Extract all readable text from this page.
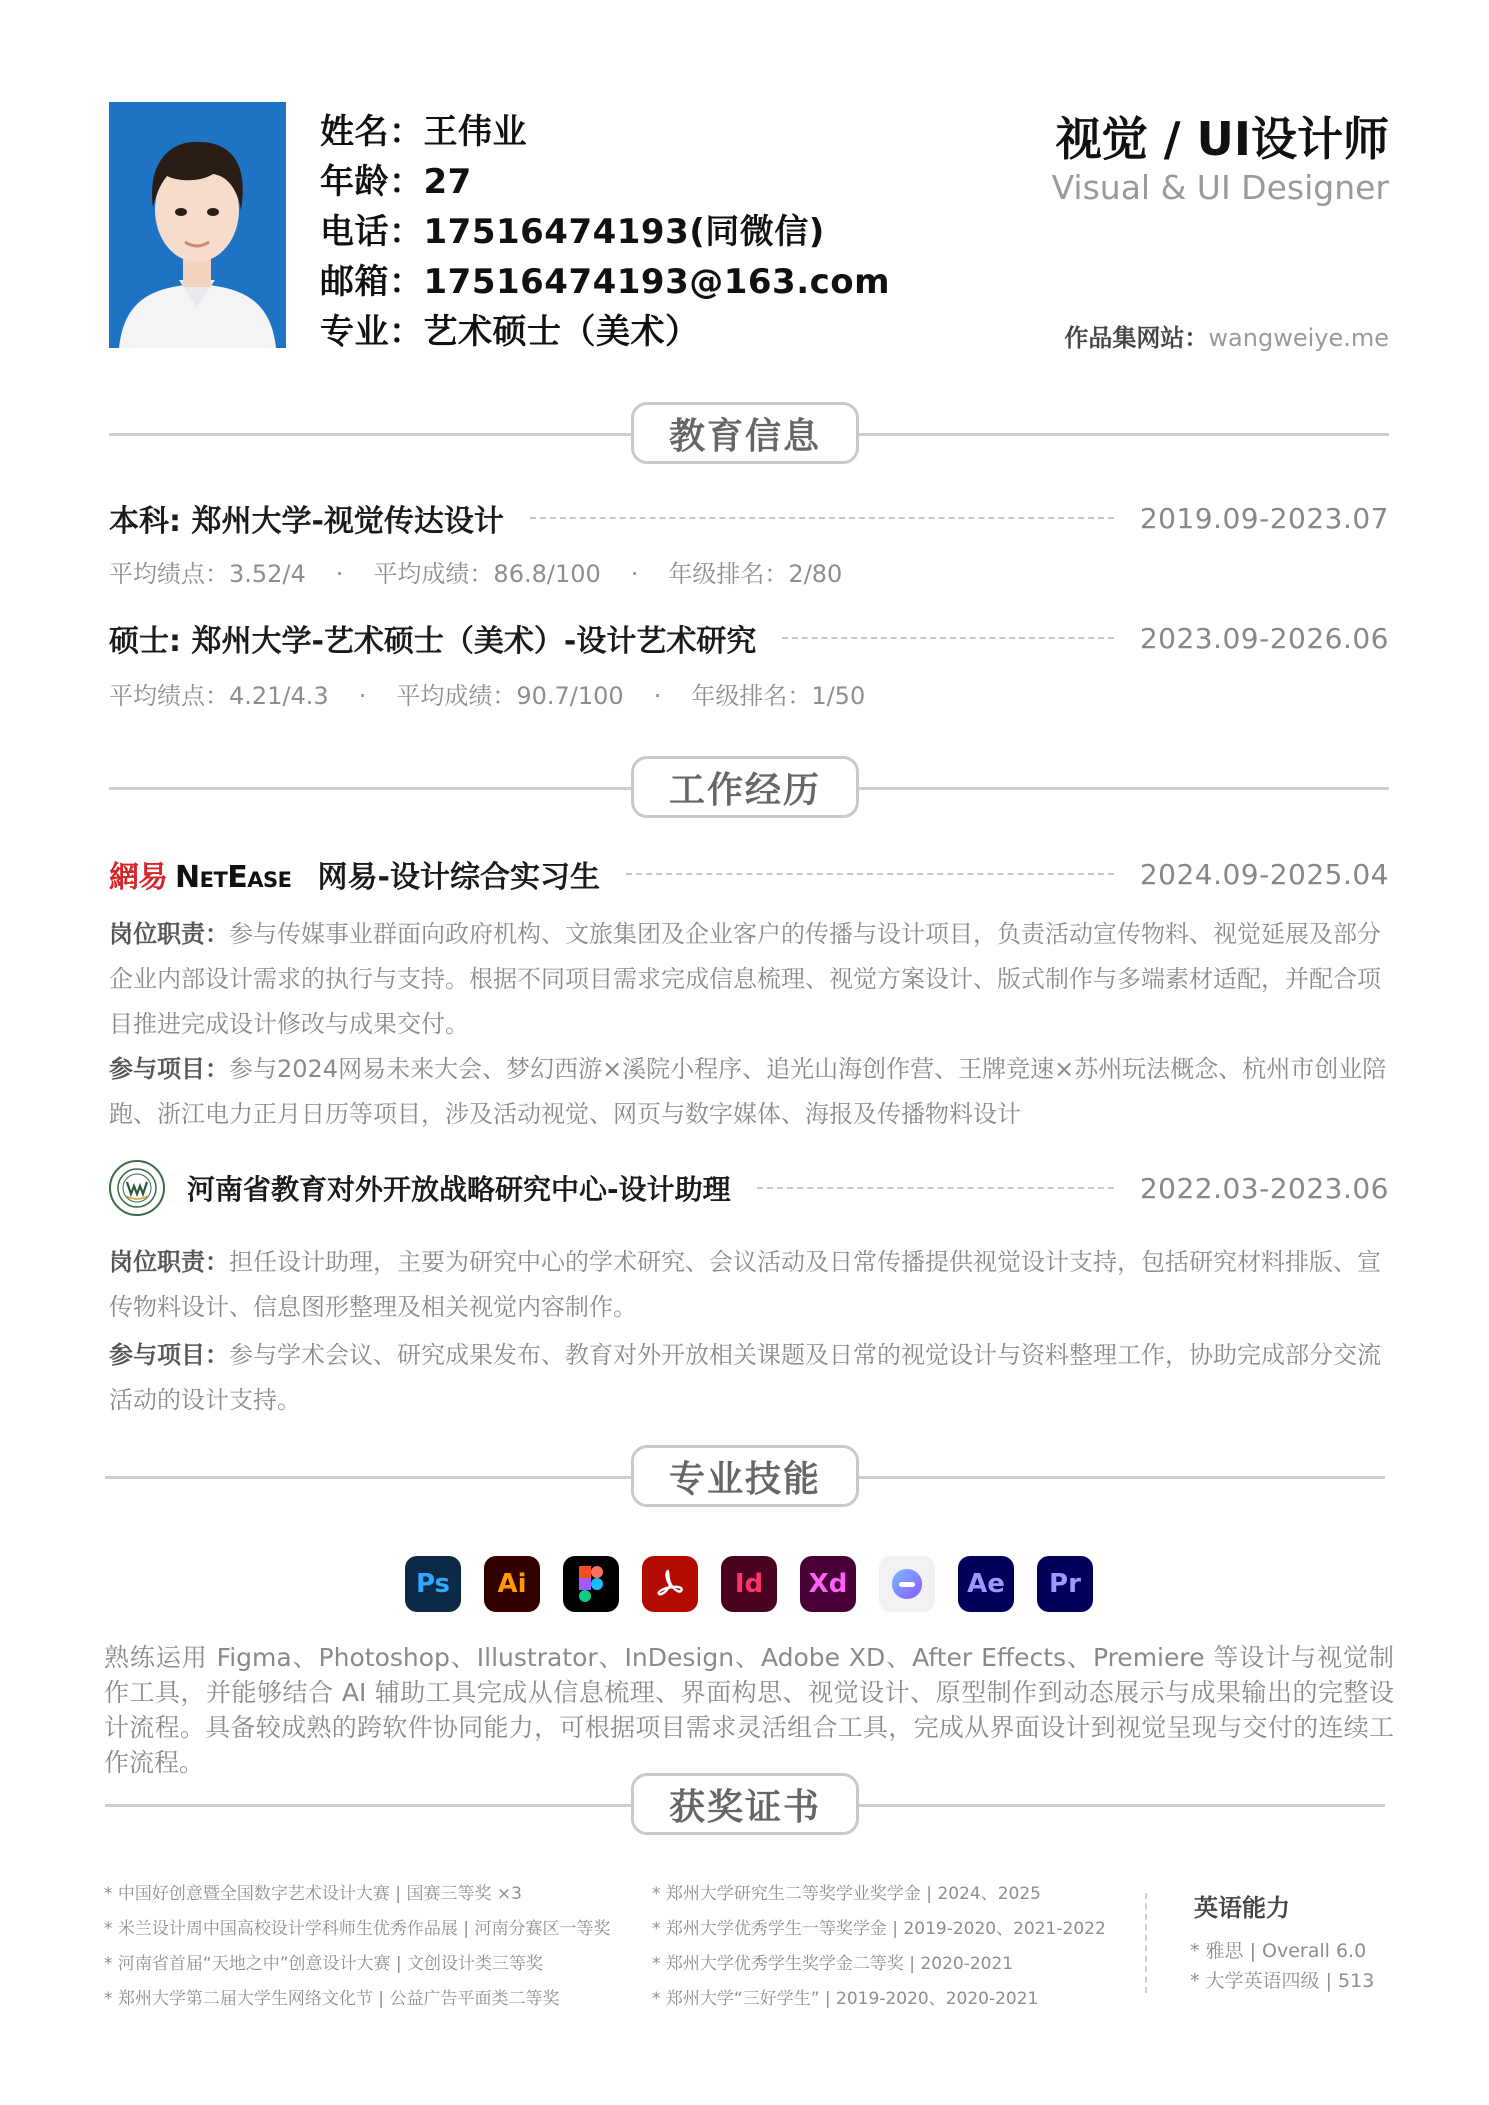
姓名：王伟业
年龄：27
电话：17516474193(同微信)
邮箱：17516474193@163.com
专业：艺术硕士（美术）
视觉 / UI设计师
Visual & UI Designer
作品集网站：wangweiye.me
教育信息
本科: 郑州大学-视觉传达设计	2019.09-2023.07
平均绩点：3.52/4 · 平均成绩：86.8/100 · 年级排名：2/80
硕士: 郑州大学-艺术硕士（美术）-设计艺术研究	2023.09-2026.06
平均绩点：4.21/4.3 · 平均成绩：90.7/100 · 年级排名：1/50
工作经历
網易 NetEase 网易-设计综合实习生	2024.09-2025.04
岗位职责：参与传媒事业群面向政府机构、文旅集团及企业客户的传播与设计项目，负责活动宣传物料、视觉延展及部分企业内部设计需求的执行与支持。根据不同项目需求完成信息梳理、视觉方案设计、版式制作与多端素材适配，并配合项目推进完成设计修改与成果交付。
参与项目：参与2024网易未来大会、梦幻西游×溪院小程序、追光山海创作营、王牌竞速×苏州玩法概念、杭州市创业陪跑、浙江电力正月日历等项目，涉及活动视觉、网页与数字媒体、海报及传播物料设计
河南省教育对外开放战略研究中心-设计助理	2022.03-2023.06
岗位职责：担任设计助理，主要为研究中心的学术研究、会议活动及日常传播提供视觉设计支持，包括研究材料排版、宣传物料设计、信息图形整理及相关视觉内容制作。
参与项目：参与学术会议、研究成果发布、教育对外开放相关课题及日常的视觉设计与资料整理工作，协助完成部分交流活动的设计支持。
专业技能
Ps	Ai	Id	Xd	Ae	Pr
熟练运用 Figma、Photoshop、Illustrator、InDesign、Adobe XD、After Effects、Premiere 等设计与视觉制作工具，并能够结合 AI 辅助工具完成从信息梳理、界面构思、视觉设计、原型制作到动态展示与成果输出的完整设计流程。具备较成熟的跨软件协同能力，可根据项目需求灵活组合工具，完成从界面设计到视觉呈现与交付的连续工作流程。
获奖证书
* 中国好创意暨全国数字艺术设计大赛 | 国赛三等奖 ×3
* 米兰设计周中国高校设计学科师生优秀作品展 | 河南分赛区一等奖
* 河南省首届“天地之中”创意设计大赛 | 文创设计类三等奖
* 郑州大学第二届大学生网络文化节 | 公益广告平面类二等奖
* 郑州大学研究生二等奖学业奖学金 | 2024、2025
* 郑州大学优秀学生一等奖学金 | 2019-2020、2021-2022
* 郑州大学优秀学生奖学金二等奖 | 2020-2021
* 郑州大学“三好学生” | 2019-2020、2020-2021
英语能力
* 雅思 | Overall 6.0
* 大学英语四级 | 513
